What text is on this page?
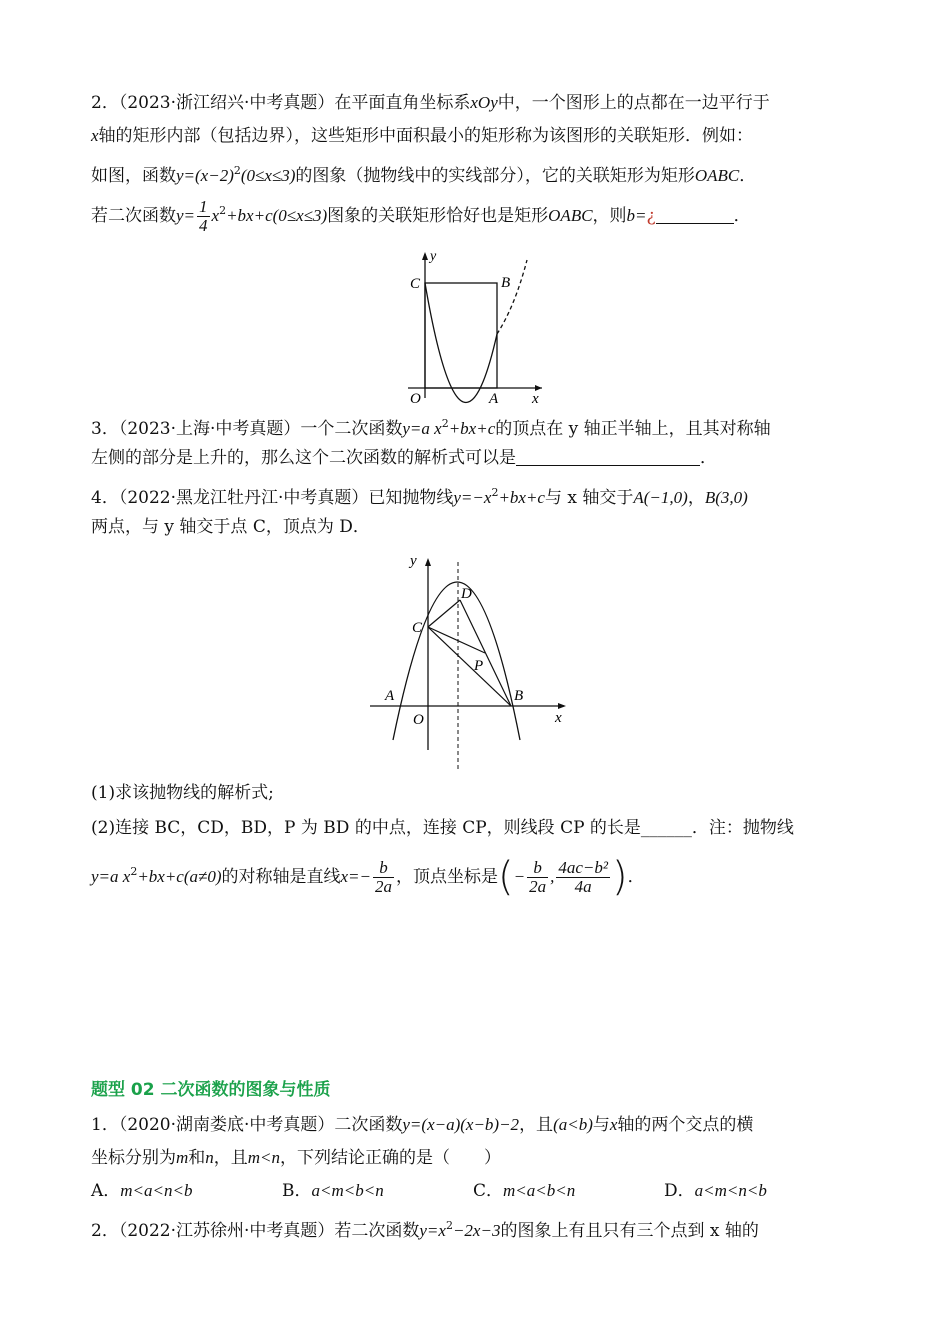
2．（2023·浙江绍兴·中考真题）在平面直角坐标系xOy中，一个图形上的点都在一边平行于
x轴的矩形内部（包括边界），这些矩形中面积最小的矩形称为该图形的关联矩形．例如：
如图，函数$y=(x-2)^2(0\le x\le 3)$的图象（抛物线中的实线部分），它的关联矩形为矩形OABC．
若二次函数$y= \frac{1}{4} x^2+bx+c(0\le x\le 3)$图象的关联矩形恰好也是矩形OABC，则b=¿	．
y
C	B
O	A x
3．（2023·上海·中考真题）一个二次函数y=a $x^2+bx+c$的顶点在 y 轴正半轴上，且其对称轴
左侧的部分是上升的，那么这个二次函数的解析式可以是	．
4．（2022·黑龙江牡丹江·中考真题）已知抛物线$y=-x^2+bx+c$与 x 轴交于A(−1,0)，B(3,0)
两点，与 y 轴交于点 C，顶点为 D．
y
D
C
P
A	B
O	x
(1)求该抛物线的解析式;
(2)连接 BC，CD，BD，P 为 BD 的中点，连接 CP，则线段 CP 的长是______．注：抛物线
y=a $x^2+bx+c(a\ne 0)$的对称轴是直线$x=- \frac{b}{2a}$ ，顶点坐标是(− $\frac{b}{2a}$ , $\frac{\text{4ac−b²}}{4a}$ )．
题型 02 二次函数的图象与性质
1．（2020·湖南娄底·中考真题）二次函数y=(x−a)(x−b)−2，且(a<b)与x轴的两个交点的横
坐标分别为m和n，且m<n，下列结论正确的是（　　）
A．m<a<n<b	B．a<m<b<n	C．m<a<b<n	D．a<m<n<b
2．（2022·江苏徐州·中考真题）若二次函数$y=x^2-2x-3$的图象上有且只有三个点到 x 轴的
